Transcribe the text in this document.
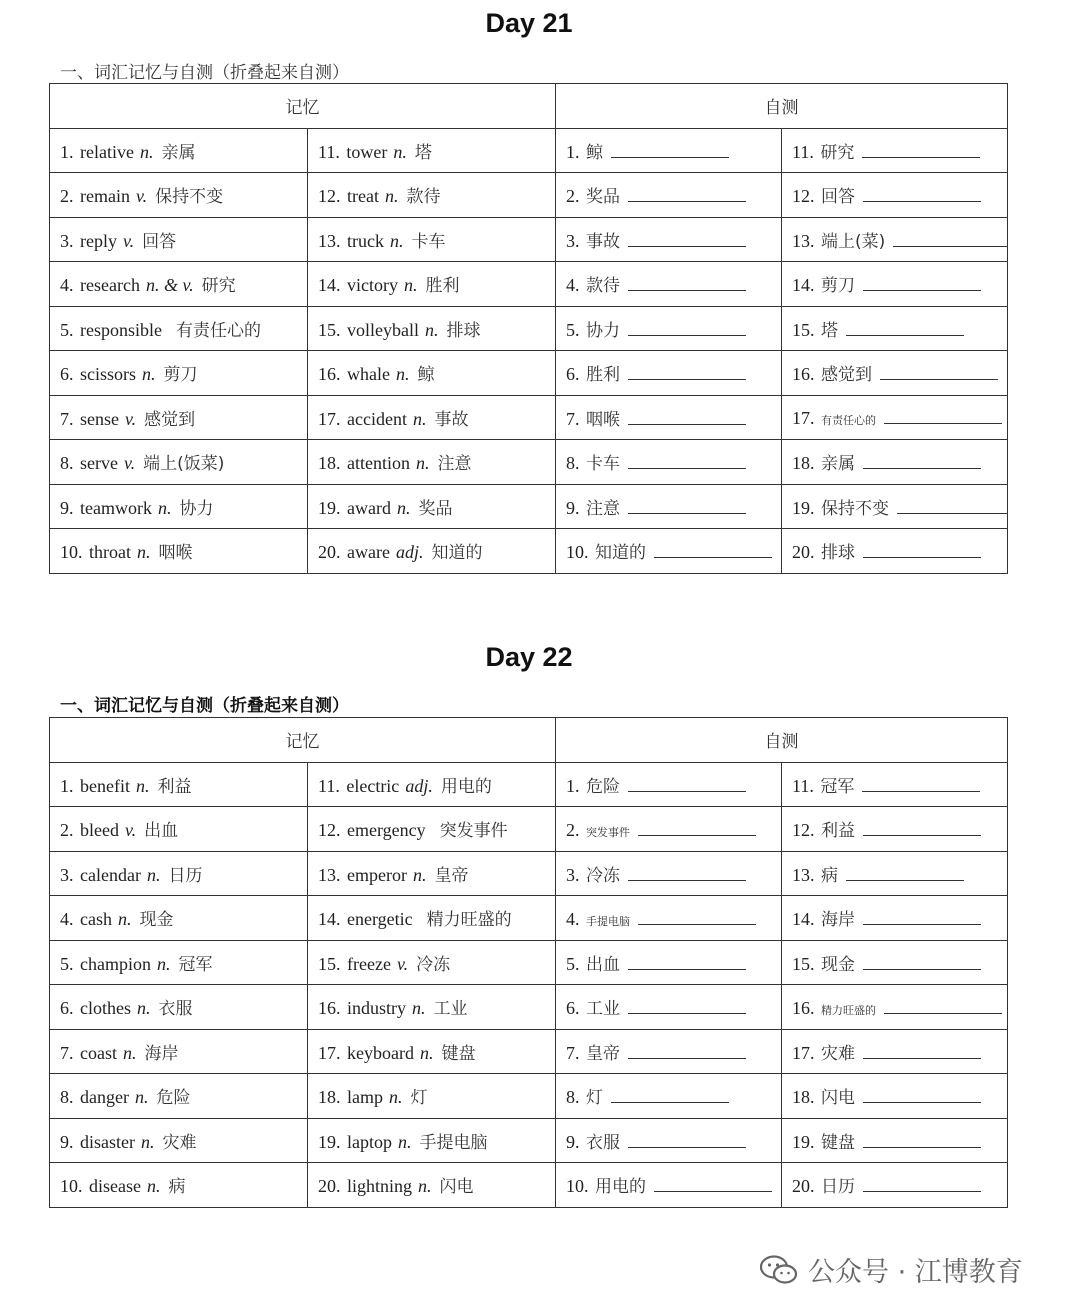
Day 21
一、词汇记忆与自测（折叠起来自测）
记忆		自测	
1. relative n. 亲属	11. tower n. 塔	1. 鲸	11. 研究
2. remain v. 保持不变	12. treat n. 款待	2. 奖品	12. 回答
3. reply v. 回答	13. truck n. 卡车	3. 事故	13. 端上(菜)
4. research n. & v. 研究	14. victory n. 胜利	4. 款待	14. 剪刀
5. responsible 有责任心的	15. volleyball n. 排球	5. 协力	15. 塔
6. scissors n. 剪刀	16. whale n. 鲸	6. 胜利	16. 感觉到
7. sense v. 感觉到	17. accident n. 事故	7. 咽喉	17. 有责任心的
8. serve v. 端上(饭菜)	18. attention n. 注意	8. 卡车	18. 亲属
9. teamwork n. 协力	19. award n. 奖品	9. 注意	19. 保持不变
10. throat n. 咽喉	20. aware adj. 知道的	10. 知道的	20. 排球
Day 22
一、词汇记忆与自测（折叠起来自测）
记忆		自测	
1. benefit n. 利益	11. electric adj. 用电的	1. 危险	11. 冠军
2. bleed v. 出血	12. emergency 突发事件	2. 突发事件	12. 利益
3. calendar n. 日历	13. emperor n. 皇帝	3. 冷冻	13. 病
4. cash n. 现金	14. energetic 精力旺盛的	4. 手提电脑	14. 海岸
5. champion n. 冠军	15. freeze v. 冷冻	5. 出血	15. 现金
6. clothes n. 衣服	16. industry n. 工业	6. 工业	16. 精力旺盛的
7. coast n. 海岸	17. keyboard n. 键盘	7. 皇帝	17. 灾难
8. danger n. 危险	18. lamp n. 灯	8. 灯	18. 闪电
9. disaster n. 灾难	19. laptop n. 手提电脑	9. 衣服	19. 键盘
10. disease n. 病	20. lightning n. 闪电	10. 用电的	20. 日历
公众号 · 江博教育
